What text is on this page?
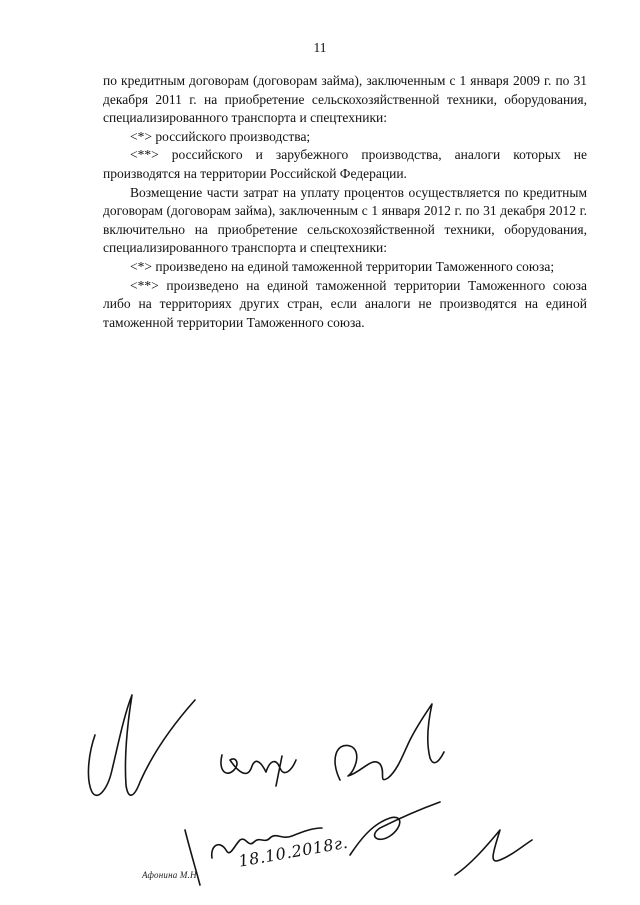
11

по кредитным договорам (договорам займа), заключенным с 1 января 2009 г. по 31 декабря 2011 г. на приобретение сельскохозяйственной техники, оборудования, специализированного транспорта и спецтехники:

<*> российского производства;

<**> российского и зарубежного производства, аналоги которых не производятся на территории Российской Федерации.

Возмещение части затрат на уплату процентов осуществляется по кредитным договорам (договорам займа), заключенным с 1 января 2012 г. по 31 декабря 2012 г. включительно на приобретение сельскохозяйственной техники, оборудования, специализированного транспорта и спецтехники:

<*> произведено на единой таможенной территории Таможенного союза;

<**> произведено на единой таможенной территории Таможенного союза либо на территориях других стран, если аналоги не производятся на единой таможенной территории Таможенного союза.

18.10.2018г.
Афонина М.Н.
